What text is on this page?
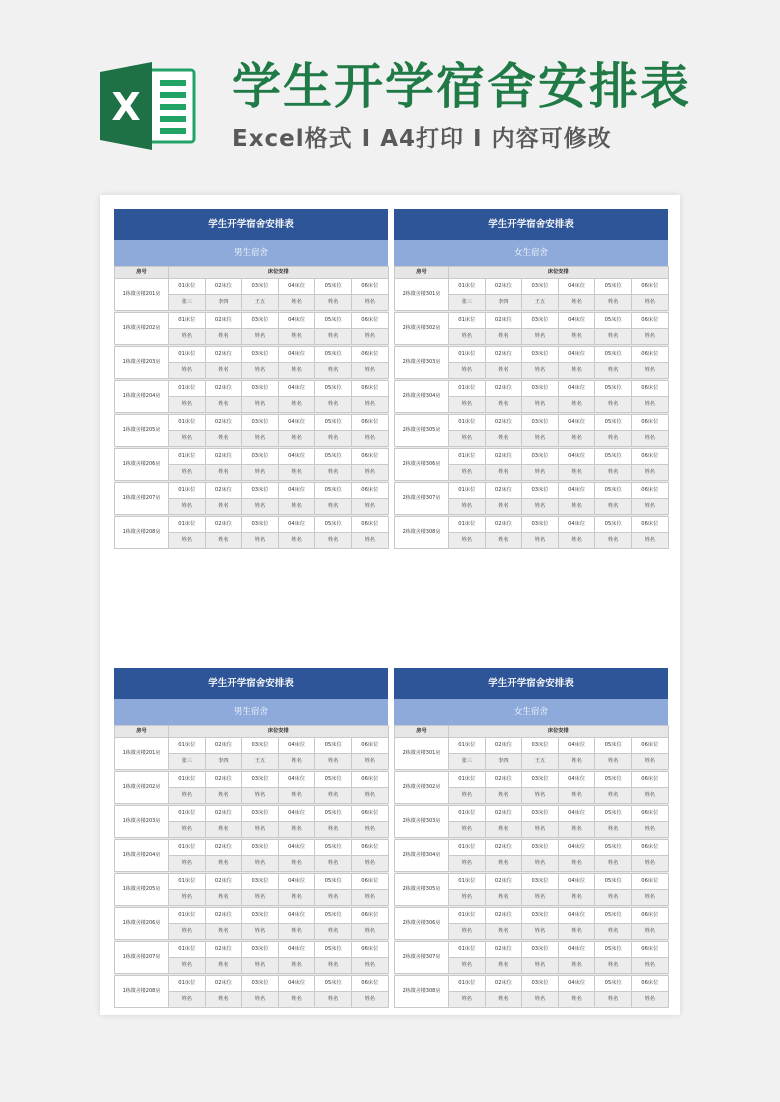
X 学生开学宿舍安排表
Excel格式 I A4打印 I 内容可修改
学生开学宿舍安排表
男生宿舍
房号	床位安排					
1栋微舍楼201房	01床位	02床位	03床位	04床位	05床位	06床位
	张三	李四	王五	姓名	姓名	姓名

1栋微舍楼202房	01床位	02床位	03床位	04床位	05床位	06床位
	姓名	姓名	姓名	姓名	姓名	姓名

1栋微舍楼203房	01床位	02床位	03床位	04床位	05床位	06床位
	姓名	姓名	姓名	姓名	姓名	姓名

1栋微舍楼204房	01床位	02床位	03床位	04床位	05床位	06床位
	姓名	姓名	姓名	姓名	姓名	姓名

1栋微舍楼205房	01床位	02床位	03床位	04床位	05床位	06床位
	姓名	姓名	姓名	姓名	姓名	姓名

1栋微舍楼206房	01床位	02床位	03床位	04床位	05床位	06床位
	姓名	姓名	姓名	姓名	姓名	姓名

1栋微舍楼207房	01床位	02床位	03床位	04床位	05床位	06床位
	姓名	姓名	姓名	姓名	姓名	姓名

1栋微舍楼208房	01床位	02床位	03床位	04床位	05床位	06床位
	姓名	姓名	姓名	姓名	姓名	姓名
学生开学宿舍安排表
女生宿舍
房号	床位安排					
2栋微舍楼301房	01床位	02床位	03床位	04床位	05床位	06床位
	张三	李四	王五	姓名	姓名	姓名

2栋微舍楼302房	01床位	02床位	03床位	04床位	05床位	06床位
	姓名	姓名	姓名	姓名	姓名	姓名

2栋微舍楼303房	01床位	02床位	03床位	04床位	05床位	06床位
	姓名	姓名	姓名	姓名	姓名	姓名

2栋微舍楼304房	01床位	02床位	03床位	04床位	05床位	06床位
	姓名	姓名	姓名	姓名	姓名	姓名

2栋微舍楼305房	01床位	02床位	03床位	04床位	05床位	06床位
	姓名	姓名	姓名	姓名	姓名	姓名

2栋微舍楼306房	01床位	02床位	03床位	04床位	05床位	06床位
	姓名	姓名	姓名	姓名	姓名	姓名

2栋微舍楼307房	01床位	02床位	03床位	04床位	05床位	06床位
	姓名	姓名	姓名	姓名	姓名	姓名

2栋微舍楼308房	01床位	02床位	03床位	04床位	05床位	06床位
	姓名	姓名	姓名	姓名	姓名	姓名
学生开学宿舍安排表
男生宿舍
房号	床位安排					
1栋微舍楼201房	01床位	02床位	03床位	04床位	05床位	06床位
	张三	李四	王五	姓名	姓名	姓名

1栋微舍楼202房	01床位	02床位	03床位	04床位	05床位	06床位
	姓名	姓名	姓名	姓名	姓名	姓名

1栋微舍楼203房	01床位	02床位	03床位	04床位	05床位	06床位
	姓名	姓名	姓名	姓名	姓名	姓名

1栋微舍楼204房	01床位	02床位	03床位	04床位	05床位	06床位
	姓名	姓名	姓名	姓名	姓名	姓名

1栋微舍楼205房	01床位	02床位	03床位	04床位	05床位	06床位
	姓名	姓名	姓名	姓名	姓名	姓名

1栋微舍楼206房	01床位	02床位	03床位	04床位	05床位	06床位
	姓名	姓名	姓名	姓名	姓名	姓名

1栋微舍楼207房	01床位	02床位	03床位	04床位	05床位	06床位
	姓名	姓名	姓名	姓名	姓名	姓名

1栋微舍楼208房	01床位	02床位	03床位	04床位	05床位	06床位
	姓名	姓名	姓名	姓名	姓名	姓名
学生开学宿舍安排表
女生宿舍
房号	床位安排					
2栋微舍楼301房	01床位	02床位	03床位	04床位	05床位	06床位
	张三	李四	王五	姓名	姓名	姓名

2栋微舍楼302房	01床位	02床位	03床位	04床位	05床位	06床位
	姓名	姓名	姓名	姓名	姓名	姓名

2栋微舍楼303房	01床位	02床位	03床位	04床位	05床位	06床位
	姓名	姓名	姓名	姓名	姓名	姓名

2栋微舍楼304房	01床位	02床位	03床位	04床位	05床位	06床位
	姓名	姓名	姓名	姓名	姓名	姓名

2栋微舍楼305房	01床位	02床位	03床位	04床位	05床位	06床位
	姓名	姓名	姓名	姓名	姓名	姓名

2栋微舍楼306房	01床位	02床位	03床位	04床位	05床位	06床位
	姓名	姓名	姓名	姓名	姓名	姓名

2栋微舍楼307房	01床位	02床位	03床位	04床位	05床位	06床位
	姓名	姓名	姓名	姓名	姓名	姓名

2栋微舍楼308房	01床位	02床位	03床位	04床位	05床位	06床位
	姓名	姓名	姓名	姓名	姓名	姓名
